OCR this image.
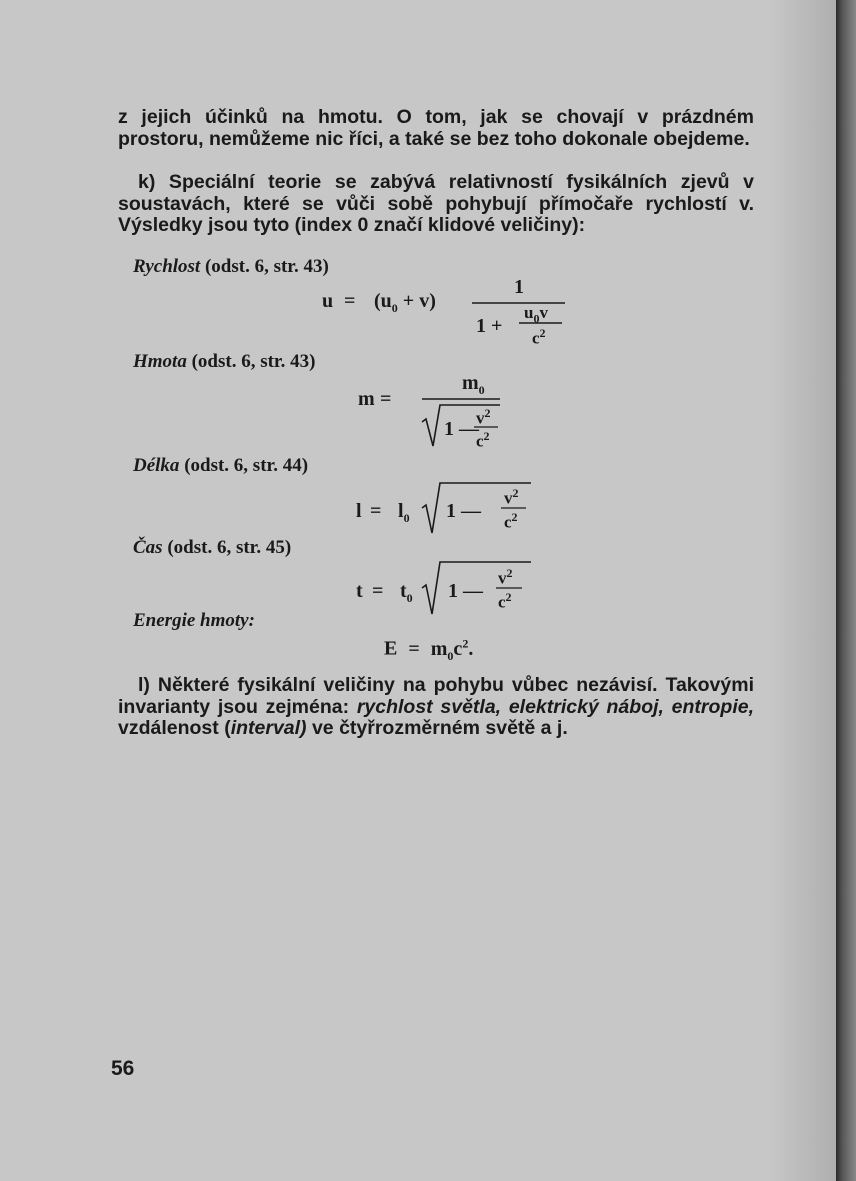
z jejich účinků na hmotu. O tom, jak se chovají v prázdném prostoru, nemůžeme nic říci, a také se bez toho dokonale obejdeme.

k) Speciální teorie se zabývá relativností fysikálních zjevů v soustavách, které se vůči sobě pohybují přímočaře rychlostí v. Výsledky jsou tyto (index 0 značí klidové veličiny):

Rychlost (odst. 6, str. 43)
$u = (u_0 + v)$
1
1 +
$u_0v$
$c^2$
Hmota (odst. 6, str. 43)
m =
$m_0$
1 —
$v^2$
$c^2$
Délka (odst. 6, str. 44)
$l = l_0$ 1 —
$v^2$
$c^2$
Čas (odst. 6, str. 45)
$t = t_0$ 1 —
$v^2$
$c^2$
Energie hmoty:
$E = m_0c^2$.

l) Některé fysikální veličiny na pohybu vůbec nezávisí. Takovými invarianty jsou zejména: rychlost světla, elektrický náboj, entropie, vzdálenost (interval) ve čtyřrozměrném světě a j.

56
